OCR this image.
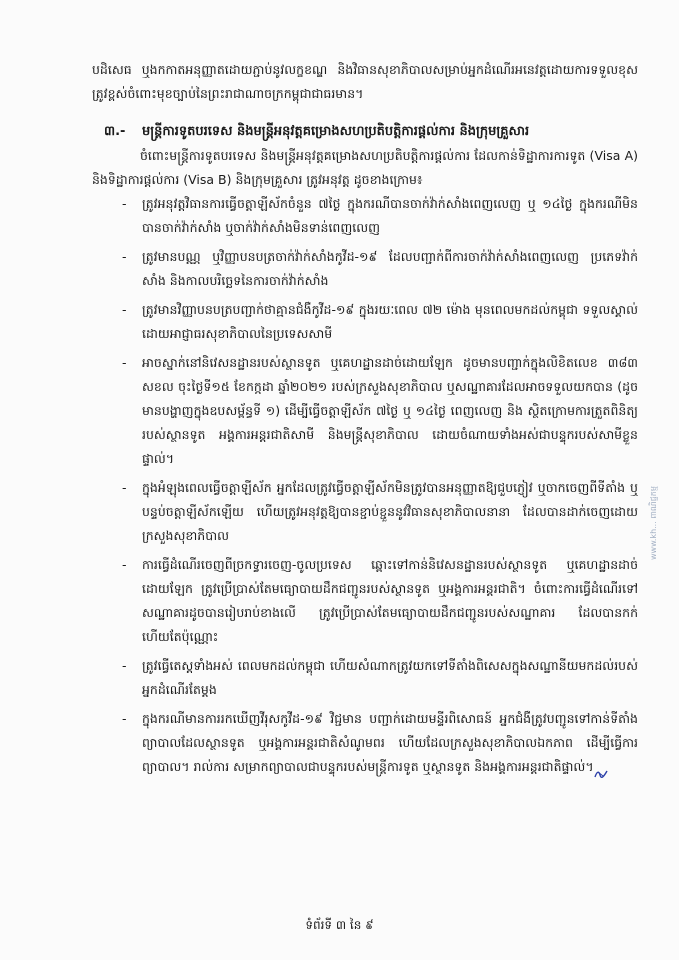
បដិសេធ ឬងកកាតអនុញ្ញាតដោយភ្ជាប់នូវលក្ខខណ្ឌ និងវិធានសុខាភិបាលសម្រាប់អ្នកដំណើរអនេវត្តដោយការទទួលខុសត្រូវខ្ពស់ចំពោះមុខច្បាប់នៃព្រះរាជាណាចក្រកម្ពុជាជាធរមាន។

៣.- មន្ត្រីការទូតបរទេស និងមន្ត្រីអនុវត្តគម្រោងសហប្រតិបត្តិការផ្តល់ការ និងក្រុមគ្រួសារ

ចំពោះមន្ត្រីការទូតបរទេស និងមន្ត្រីអនុវត្តគម្រោងសហប្រតិបត្តិការផ្តល់ការ ដែលកាន់ទិដ្ឋាការការទូត (Visa A) និងទិដ្ឋាការផ្តល់ការ (Visa B) និងក្រុមគ្រួសារ ត្រូវអនុវត្ត ដូចខាងក្រោម៖

- ត្រូវអនុវត្តវិធានការធ្វើចត្តាឡីស័កចំនួន ៧ថ្ងៃ ក្នុងករណីបានចាក់វ៉ាក់សាំងពេញលេញ ឬ ១៤ថ្ងៃ ក្នុងករណីមិនបានចាក់វ៉ាក់សាំង ឬចាក់វ៉ាក់សាំងមិនទាន់ពេញលេញ
- ត្រូវមានបណ្ណ ឬវិញ្ញាបនបត្រចាក់វ៉ាក់សាំងកូវីដ-១៩ ដែលបញ្ជាក់ពីការចាក់វ៉ាក់សាំងពេញលេញ ប្រភេទវ៉ាក់សាំង និងកាលបរិច្ឆេទនៃការចាក់វ៉ាក់សាំង
- ត្រូវមានវិញ្ញាបនបត្របញ្ជាក់ថាគ្មានជំងឺកូវីដ-១៩ ក្នុងរយៈពេល ៧២ ម៉ោង មុនពេលមកដល់កម្ពុជា ទទួលស្គាល់ដោយអាជ្ញាធរសុខាភិបាលនៃប្រទេសសាមី
- អាចស្នាក់នៅនិវេសនដ្ឋានរបស់ស្ថានទូត ឬគេហដ្ឋានដាច់ដោយឡែក ដូចមានបញ្ជាក់ក្នុងលិខិតលេខ ៣៨៣ សខល ចុះថ្ងៃទី១៥ ខែកក្កដា ឆ្នាំ២០២១ របស់ក្រសួងសុខាភិបាល ឬសណ្ឋាគារដែលអាចទទួលយកបាន (ដូចមានបង្ហាញក្នុងឧបសម្ព័ន្ធទី ១) ដើម្បីធ្វើចត្តាឡីស័ក ៧ថ្ងៃ ឬ ១៤ថ្ងៃ ពេញលេញ និង ស្ថិតក្រោមការត្រួតពិនិត្យរបស់ស្ថានទូត អង្គការអន្តរជាតិសាមី និងមន្ត្រីសុខាភិបាល ដោយចំណាយទាំងអស់ជាបន្ទុករបស់សាមីខ្លួនផ្ទាល់។
- ក្នុងអំឡុងពេលធ្វើចត្តាឡីស័ក អ្នកដែលត្រូវធ្វើចត្តាឡីស័កមិនត្រូវបានអនុញ្ញាតឱ្យជួបភ្ញៀវ ឬចាកចេញពីទីតាំង ឬបន្ទប់ចត្តាឡីស័កឡើយ ហើយត្រូវអនុវត្តឱ្យបានខ្ជាប់ខ្ជួននូវវិធានសុខាភិបាលនានា ដែលបានដាក់ចេញដោយក្រសួងសុខាភិបាល
- ការធ្វើដំណើរចេញពីច្រកទ្វារចេញ-ចូលប្រទេស ឆ្ពោះទៅកាន់និវេសនដ្ឋានរបស់ស្ថានទូត ឬគេហដ្ឋានដាច់ដោយឡែក ត្រូវប្រើប្រាស់តែមធ្យោបាយដឹកជញ្ជូនរបស់ស្ថានទូត ឬអង្គការអន្តរជាតិ។ ចំពោះការធ្វើដំណើរទៅសណ្ឋាគារដូចបានរៀបរាប់ខាងលើ ត្រូវប្រើប្រាស់តែមធ្យោបាយដឹកជញ្ជូនរបស់សណ្ឋាគារ ដែលបានកក់ហើយតែប៉ុណ្ណោះ
- ត្រូវធ្វើតេស្តទាំងអស់ ពេលមកដល់កម្ពុជា ហើយសំណាកត្រូវយកទៅទីតាំងពិសេសក្នុងសណ្ឋានីយមកដល់របស់អ្នកដំណើរតែម្តង
- ក្នុងករណីមានការរកឃើញវីរុសកូវីដ-១៩ វិជ្ជមាន បញ្ជាក់ដោយមន្ទីរពិសោធន៍ អ្នកជំងឺត្រូវបញ្ជូនទៅកាន់ទីតាំងព្យាបាលដែលស្ថានទូត ឬអង្គការអន្តរជាតិសំណូមពរ ហើយដែលក្រសួងសុខាភិបាលឯកភាព ដើម្បីធ្វើការព្យាបាល។ រាល់ការ សម្រាកព្យាបាលជាបន្ទុករបស់មន្ត្រីការទូត ឬស្ថានទូត និងអង្គការអន្តរជាតិផ្ទាល់។
www.kh... ពាណិជ្ជកម្ម
ទំព័រទី ៣ នៃ ៩
